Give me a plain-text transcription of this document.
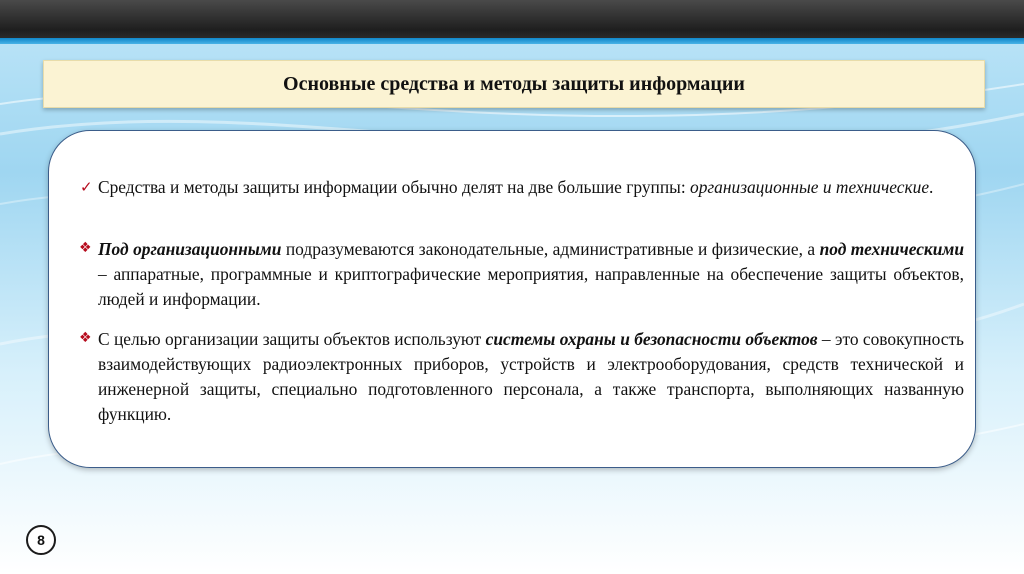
Основные средства и методы защиты информации
✓ Средства и методы защиты информации обычно делят на две большие группы: организационные и технические.

❖ Под организационными подразумеваются законодательные, административные и физические, а под техническими – аппаратные, программные и криптографические мероприятия, направленные на обеспечение защиты объектов, людей и информации.

❖ С целью организации защиты объектов используют системы охраны и безопасности объектов – это совокупность взаимодействующих радиоэлектронных приборов, устройств и электрооборудования, средств технической и инженерной защиты, специально подготовленного персонала, а также транспорта, выполняющих названную функцию.

8
